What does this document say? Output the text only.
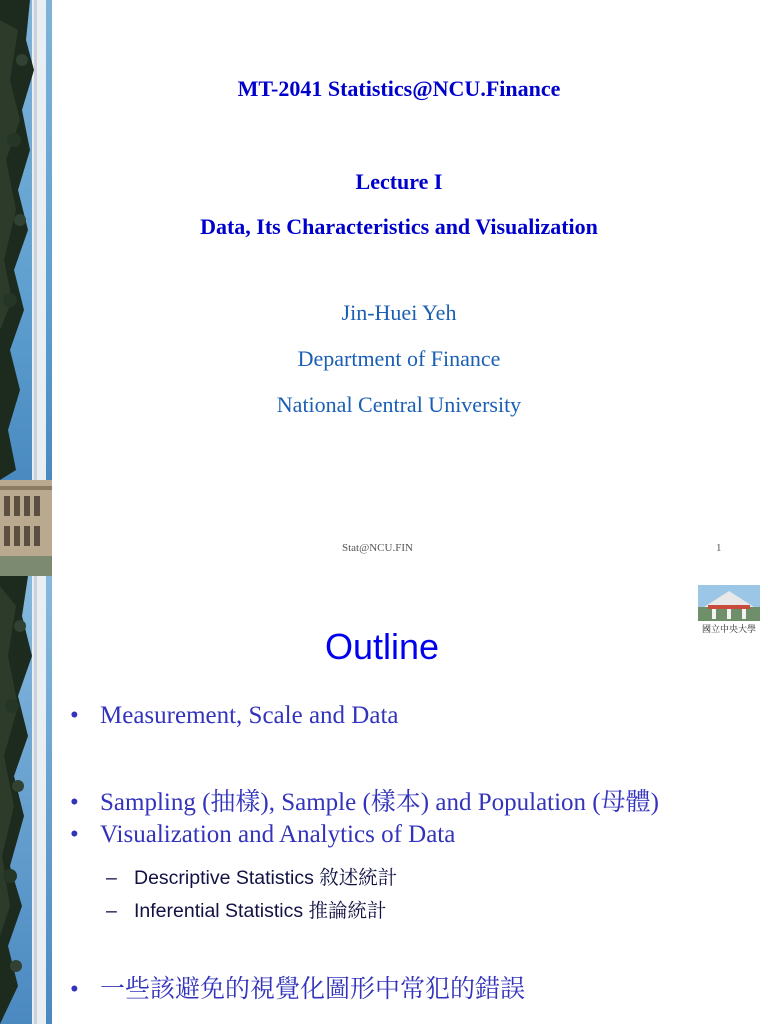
MT-2041 Statistics@NCU.Finance
Lecture I
Data, Its Characteristics and Visualization
Jin-Huei Yeh
Department of Finance
National Central University
Stat@NCU.FIN	1
國立中央大學
Outline
• Measurement, Scale and Data
• Sampling (抽樣), Sample (樣本) and Population (母體)
• Visualization and Analytics of Data
– Descriptive Statistics 敘述統計
– Inferential Statistics 推論統計
• 一些該避免的視覺化圖形中常犯的錯誤
